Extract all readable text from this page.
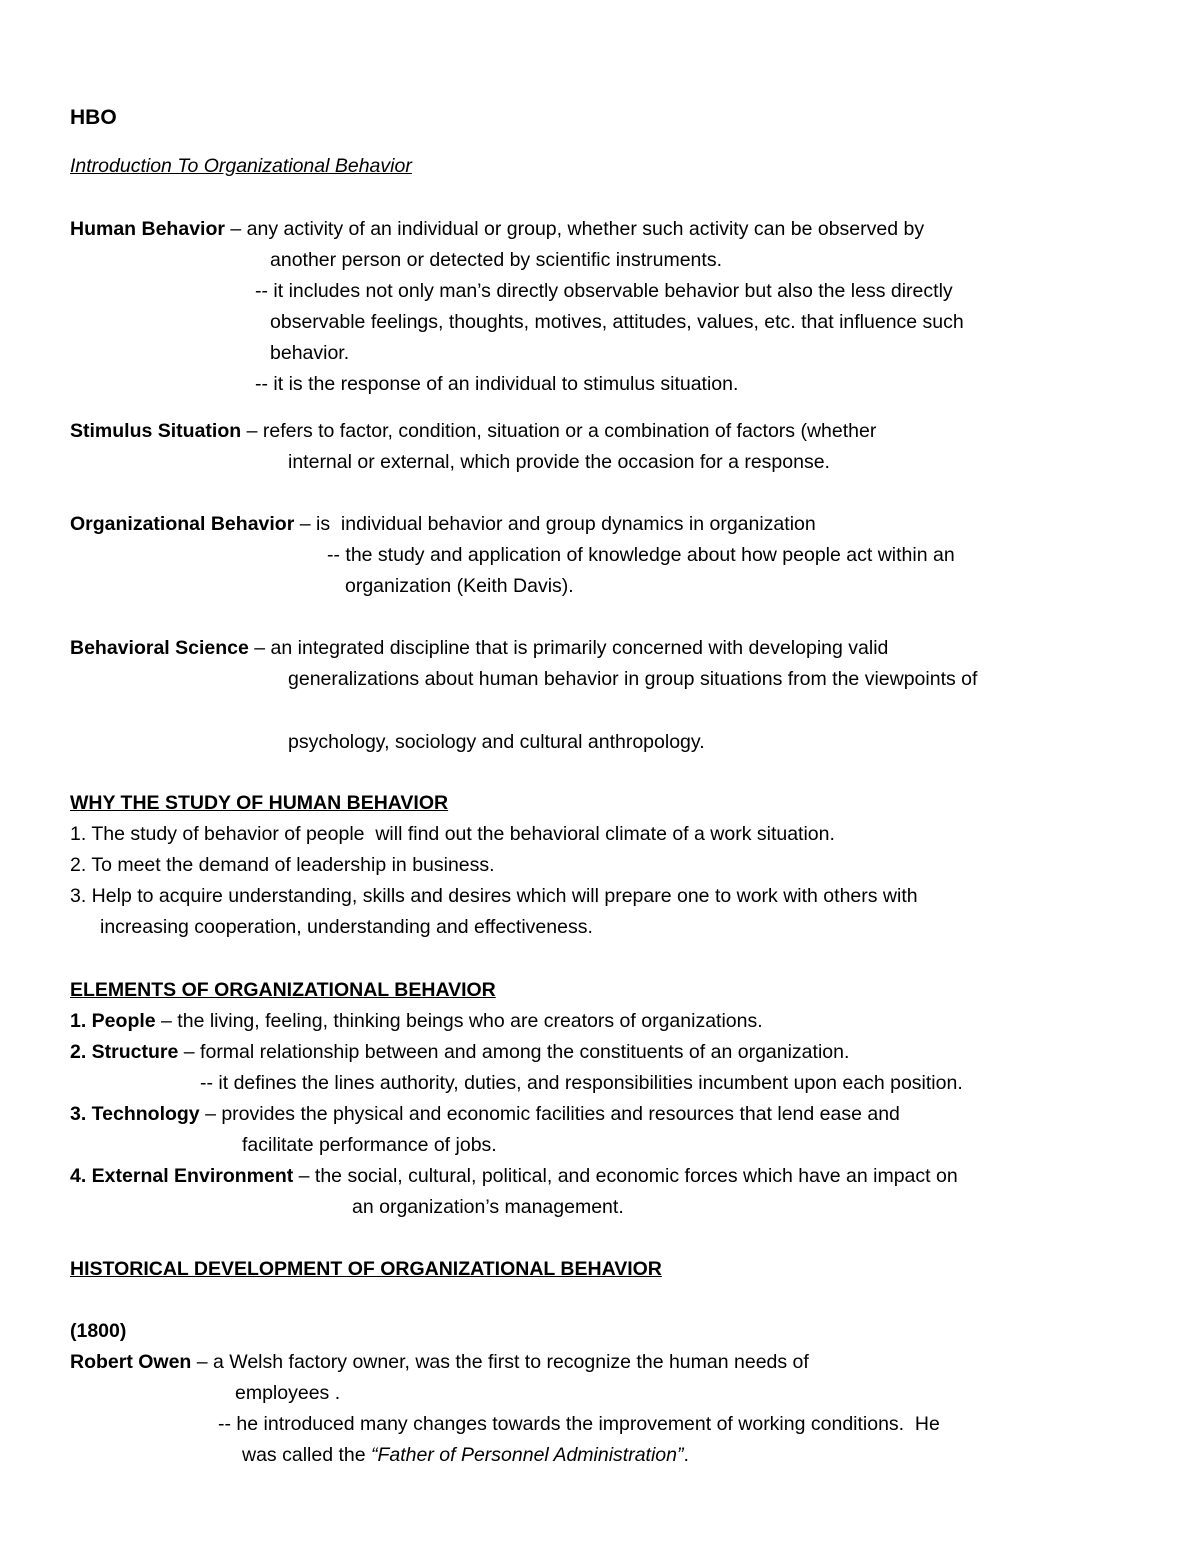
HBO
Introduction To Organizational Behavior
Human Behavior – any activity of an individual or group, whether such activity can be observed by
another person or detected by scientific instruments.
-- it includes not only man’s directly observable behavior but also the less directly
observable feelings, thoughts, motives, attitudes, values, etc. that influence such
behavior.
-- it is the response of an individual to stimulus situation.
Stimulus Situation – refers to factor, condition, situation or a combination of factors (whether
internal or external, which provide the occasion for a response.
Organizational Behavior – is  individual behavior and group dynamics in organization
-- the study and application of knowledge about how people act within an
organization (Keith Davis).
Behavioral Science – an integrated discipline that is primarily concerned with developing valid
generalizations about human behavior in group situations from the viewpoints of
psychology, sociology and cultural anthropology.
WHY THE STUDY OF HUMAN BEHAVIOR
1. The study of behavior of people  will find out the behavioral climate of a work situation.
2. To meet the demand of leadership in business.
3. Help to acquire understanding, skills and desires which will prepare one to work with others with
increasing cooperation, understanding and effectiveness.
ELEMENTS OF ORGANIZATIONAL BEHAVIOR
1. People – the living, feeling, thinking beings who are creators of organizations.
2. Structure – formal relationship between and among the constituents of an organization.
-- it defines the lines authority, duties, and responsibilities incumbent upon each position.
3. Technology – provides the physical and economic facilities and resources that lend ease and
facilitate performance of jobs.
4. External Environment – the social, cultural, political, and economic forces which have an impact on
an organization’s management.
HISTORICAL DEVELOPMENT OF ORGANIZATIONAL BEHAVIOR
(1800)
Robert Owen – a Welsh factory owner, was the first to recognize the human needs of
employees .
-- he introduced many changes towards the improvement of working conditions.  He
was called the “Father of Personnel Administration”.
